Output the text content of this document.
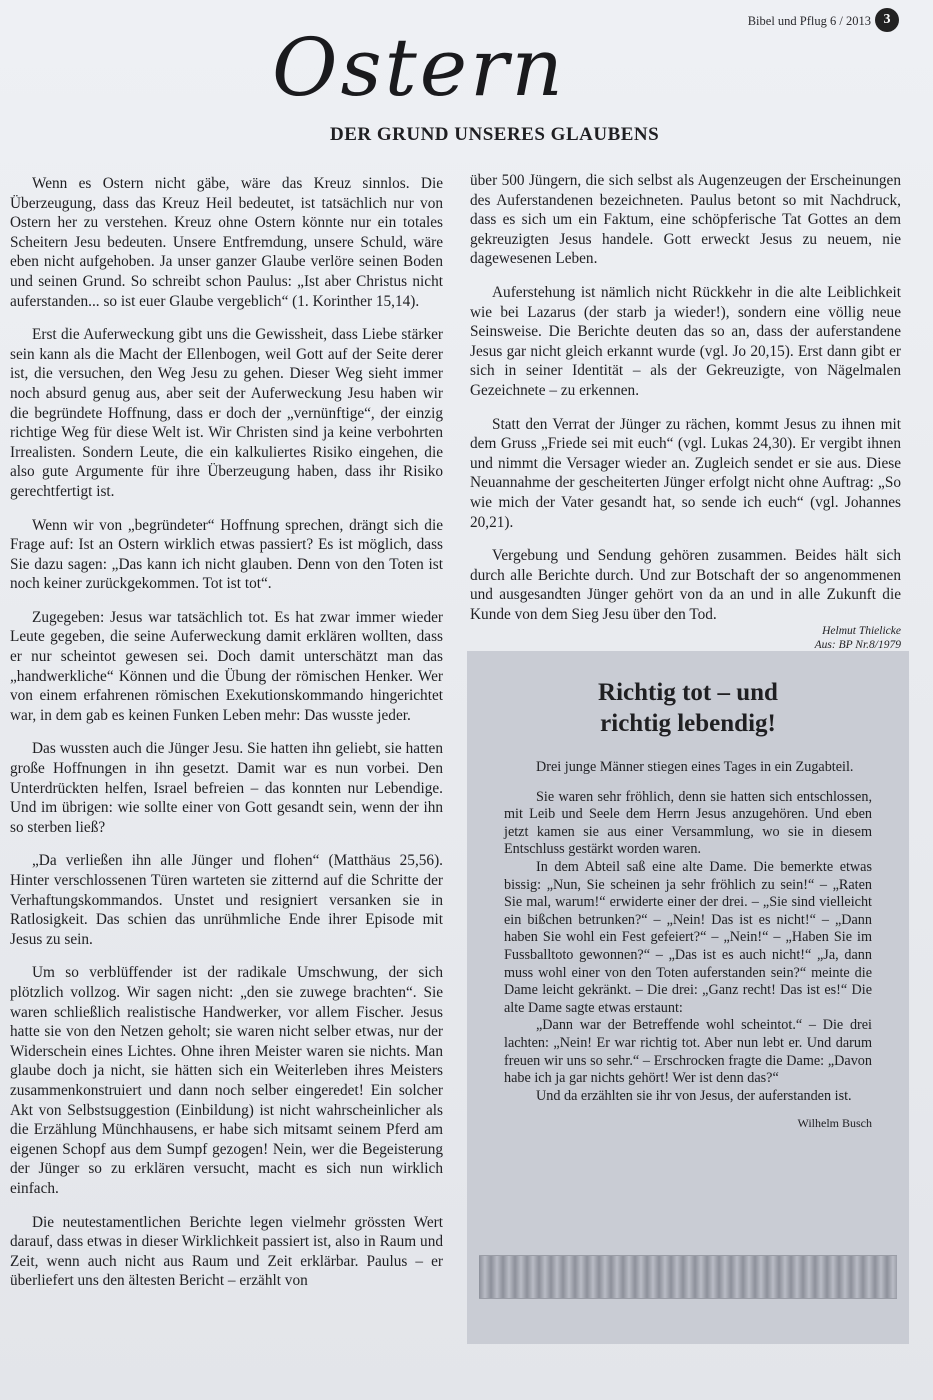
Bibel und Pflug 6 / 2013 3
Ostern
DER GRUND UNSERES GLAUBENS

Wenn es Ostern nicht gäbe, wäre das Kreuz sinnlos. Die Überzeugung, dass das Kreuz Heil bedeutet, ist tatsächlich nur von Ostern her zu verstehen. Kreuz ohne Ostern könnte nur ein totales Scheitern Jesu bedeuten. Unsere Entfremdung, unsere Schuld, wäre eben nicht aufgehoben. Ja unser ganzer Glaube verlöre seinen Boden und seinen Grund. So schreibt schon Paulus: „Ist aber Christus nicht auferstanden... so ist euer Glaube vergeblich“ (1. Korinther 15,14).

Erst die Auferweckung gibt uns die Gewissheit, dass Liebe stärker sein kann als die Macht der Ellenbogen, weil Gott auf der Seite derer ist, die versuchen, den Weg Jesu zu gehen. Dieser Weg sieht immer noch absurd genug aus, aber seit der Auferweckung Jesu haben wir die begründete Hoffnung, dass er doch der „vernünftige“, der einzig richtige Weg für diese Welt ist. Wir Christen sind ja keine verbohrten Irrealisten. Sondern Leute, die ein kalkuliertes Risiko eingehen, die also gute Argumente für ihre Überzeugung haben, dass ihr Risiko gerechtfertigt ist.

Wenn wir von „begründeter“ Hoffnung sprechen, drängt sich die Frage auf: Ist an Ostern wirklich etwas passiert? Es ist möglich, dass Sie dazu sagen: „Das kann ich nicht glauben. Denn von den Toten ist noch keiner zurückgekommen. Tot ist tot“.

Zugegeben: Jesus war tatsächlich tot. Es hat zwar immer wieder Leute gegeben, die seine Auferweckung damit erklären wollten, dass er nur scheintot gewesen sei. Doch damit unterschätzt man das „handwerkliche“ Können und die Übung der römischen Henker. Wer von einem erfahrenen römischen Exekutionskommando hingerichtet war, in dem gab es keinen Funken Leben mehr: Das wusste jeder.

Das wussten auch die Jünger Jesu. Sie hatten ihn geliebt, sie hatten große Hoffnungen in ihn gesetzt. Damit war es nun vorbei. Den Unterdrückten helfen, Israel befreien – das konnten nur Lebendige. Und im übrigen: wie sollte einer von Gott gesandt sein, wenn der ihn so sterben ließ?

„Da verließen ihn alle Jünger und flohen“ (Matthäus 25,56). Hinter verschlossenen Türen warteten sie zitternd auf die Schritte der Verhaftungskommandos. Unstet und resigniert versanken sie in Ratlosigkeit. Das schien das unrühmliche Ende ihrer Episode mit Jesus zu sein.

Um so verblüffender ist der radikale Umschwung, der sich plötzlich vollzog. Wir sagen nicht: „den sie zuwege brachten“. Sie waren schließlich realistische Handwerker, vor allem Fischer. Jesus hatte sie von den Netzen geholt; sie waren nicht selber etwas, nur der Widerschein eines Lichtes. Ohne ihren Meister waren sie nichts. Man glaube doch ja nicht, sie hätten sich ein Weiterleben ihres Meisters zusammenkonstruiert und dann noch selber eingeredet! Ein solcher Akt von Selbstsuggestion (Einbildung) ist nicht wahrscheinlicher als die Erzählung Münchhausens, er habe sich mitsamt seinem Pferd am eigenen Schopf aus dem Sumpf gezogen! Nein, wer die Begeisterung der Jünger so zu erklären versucht, macht es sich nun wirklich einfach.

Die neutestamentlichen Berichte legen vielmehr grössten Wert darauf, dass etwas in dieser Wirklichkeit passiert ist, also in Raum und Zeit, wenn auch nicht aus Raum und Zeit erklärbar. Paulus – er überliefert uns den ältesten Bericht – erzählt von

über 500 Jüngern, die sich selbst als Augenzeugen der Erscheinungen des Auferstandenen bezeichneten. Paulus betont so mit Nachdruck, dass es sich um ein Faktum, eine schöpferische Tat Gottes an dem gekreuzigten Jesus handele. Gott erweckt Jesus zu neuem, nie dagewesenen Leben.

Auferstehung ist nämlich nicht Rückkehr in die alte Leiblichkeit wie bei Lazarus (der starb ja wieder!), sondern eine völlig neue Seinsweise. Die Berichte deuten das so an, dass der auferstandene Jesus gar nicht gleich erkannt wurde (vgl. Jo 20,15). Erst dann gibt er sich in seiner Identität – als der Gekreuzigte, von Nägelmalen Gezeichnete – zu erkennen.

Statt den Verrat der Jünger zu rächen, kommt Jesus zu ihnen mit dem Gruss „Friede sei mit euch“ (vgl. Lukas 24,30). Er vergibt ihnen und nimmt die Versager wieder an. Zugleich sendet er sie aus. Diese Neuannahme der gescheiterten Jünger erfolgt nicht ohne Auftrag: „So wie mich der Vater gesandt hat, so sende ich euch“ (vgl. Johannes 20,21).

Vergebung und Sendung gehören zusammen. Beides hält sich durch alle Berichte durch. Und zur Botschaft der so angenommenen und ausgesandten Jünger gehört von da an und in alle Zukunft die Kunde von dem Sieg Jesu über den Tod.

Helmut Thielicke
Aus: BP Nr.8/1979
Richtig tot – und
richtig lebendig!

Drei junge Männer stiegen eines Tages in ein Zugabteil.

Sie waren sehr fröhlich, denn sie hatten sich entschlossen, mit Leib und Seele dem Herrn Jesus anzugehören. Und eben jetzt kamen sie aus einer Versammlung, wo sie in diesem Entschluss gestärkt worden waren.

In dem Abteil saß eine alte Dame. Die bemerkte etwas bissig: „Nun, Sie scheinen ja sehr fröhlich zu sein!“ – „Raten Sie mal, warum!“ erwiderte einer der drei. – „Sie sind vielleicht ein bißchen betrunken?“ – „Nein! Das ist es nicht!“ – „Dann haben Sie wohl ein Fest gefeiert?“ – „Nein!“ – „Haben Sie im Fussballtoto gewonnen?“ – „Das ist es auch nicht!“ „Ja, dann muss wohl einer von den Toten auferstanden sein?“ meinte die Dame leicht gekränkt. – Die drei: „Ganz recht! Das ist es!“ Die alte Dame sagte etwas erstaunt:

„Dann war der Betreffende wohl scheintot.“ – Die drei lachten: „Nein! Er war richtig tot. Aber nun lebt er. Und darum freuen wir uns so sehr.“ – Erschrocken fragte die Dame: „Davon habe ich ja gar nichts gehört! Wer ist denn das?“

Und da erzählten sie ihr von Jesus, der auferstanden ist.

Wilhelm Busch
